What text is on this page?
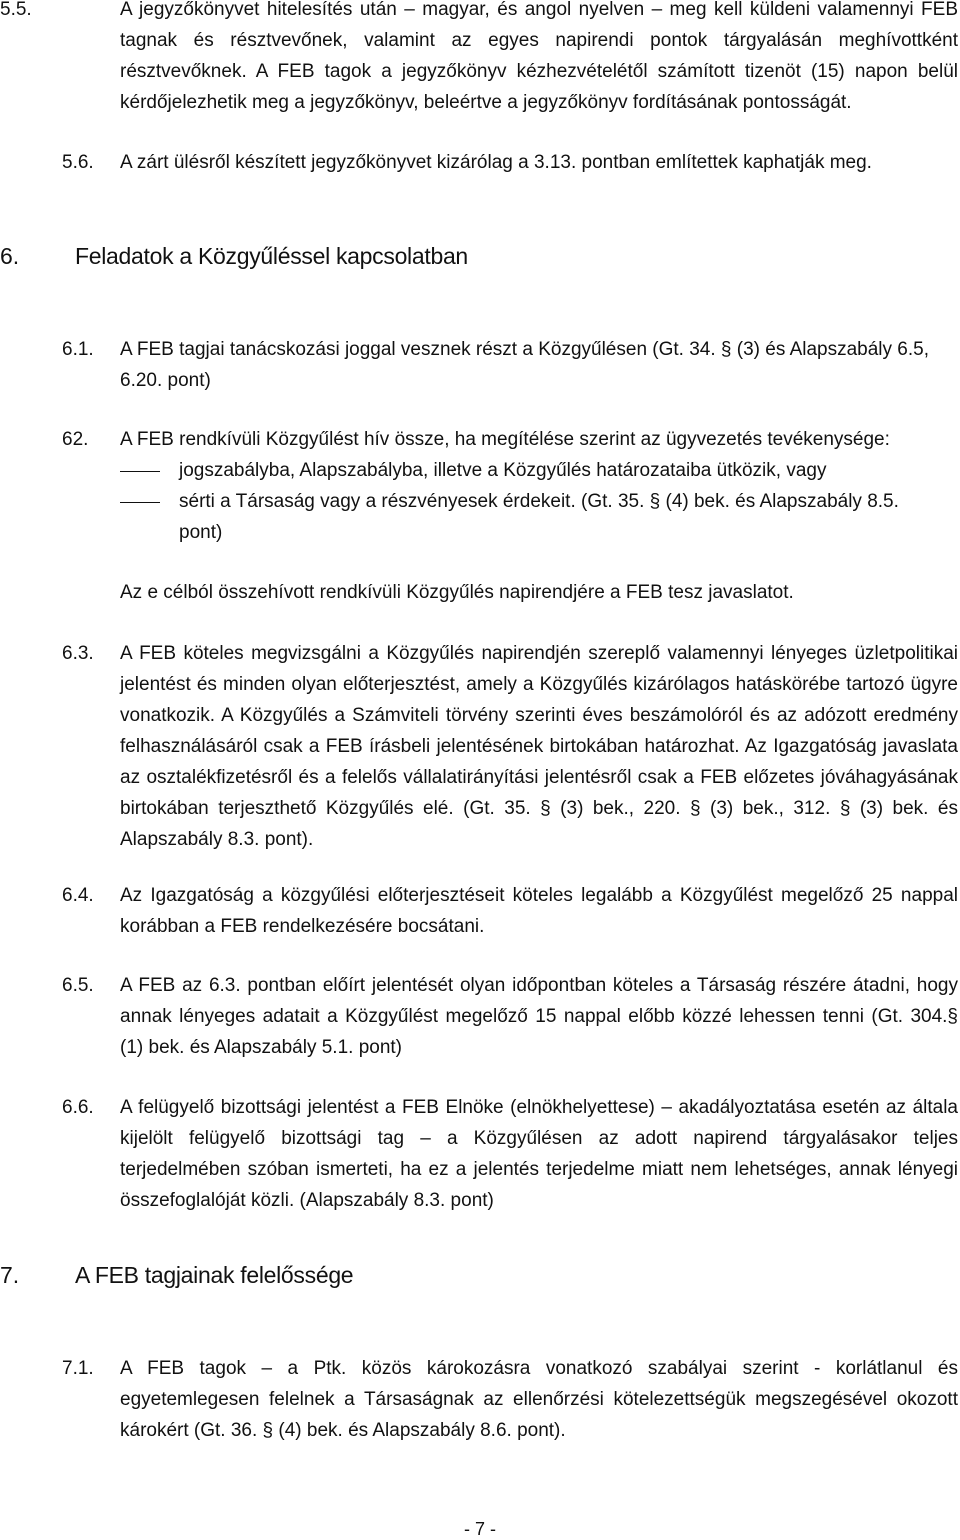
5.5.	A jegyzőkönyvet hitelesítés után – magyar, és angol nyelven – meg kell küldeni valamennyi FEB tagnak és résztvevőnek, valamint az egyes napirendi pontok tárgyalásán meghívottként résztvevőknek. A FEB tagok a jegyzőkönyv kézhezvételétől számított tizenöt (15) napon belül kérdőjelezhetik meg a jegyzőkönyv, beleértve a jegyzőkönyv fordításának pontosságát.
5.6. A zárt ülésről készített jegyzőkönyvet kizárólag a 3.13. pontban említettek kaphatják meg.
6. Feladatok a Közgyűléssel kapcsolatban
6.1. A FEB tagjai tanácskozási joggal vesznek részt a Közgyűlésen (Gt. 34. § (3) és Alapszabály 6.5, 6.20. pont)
62. A FEB rendkívüli Közgyűlést hív össze, ha megítélése szerint az ügyvezetés tevékenysége:
jogszabályba, Alapszabályba, illetve a Közgyűlés határozataiba ütközik, vagy
sérti a Társaság vagy a részvényesek érdekeit. (Gt. 35. § (4) bek. és Alapszabály 8.5. pont)
Az e célból összehívott rendkívüli Közgyűlés napirendjére a FEB tesz javaslatot.
6.3. A FEB köteles megvizsgálni a Közgyűlés napirendjén szereplő valamennyi lényeges üzletpolitikai jelentést és minden olyan előterjesztést, amely a Közgyűlés kizárólagos hatáskörébe tartozó ügyre vonatkozik. A Közgyűlés a Számviteli törvény szerinti éves beszámolóról és az adózott eredmény felhasználásáról csak a FEB írásbeli jelentésének birtokában határozhat. Az Igazgatóság javaslata az osztalékfizetésről és a felelős vállalatirányítási jelentésről csak a FEB előzetes jóváhagyásának birtokában terjeszthető Közgyűlés elé. (Gt. 35. § (3) bek., 220. § (3) bek., 312. § (3) bek. és Alapszabály 8.3. pont).
6.4. Az Igazgatóság a közgyűlési előterjesztéseit köteles legalább a Közgyűlést megelőző 25 nappal korábban a FEB rendelkezésére bocsátani.
6.5. A FEB az 6.3. pontban előírt jelentését olyan időpontban köteles a Társaság részére átadni, hogy annak lényeges adatait a Közgyűlést megelőző 15 nappal előbb közzé lehessen tenni (Gt. 304.§ (1) bek. és Alapszabály 5.1. pont)
6.6. A felügyelő bizottsági jelentést a FEB Elnöke (elnökhelyettese) – akadályoztatása esetén az általa kijelölt felügyelő bizottsági tag – a Közgyűlésen az adott napirend tárgyalásakor teljes terjedelmében szóban ismerteti, ha ez a jelentés terjedelme miatt nem lehetséges, annak lényegi összefoglalóját közli. (Alapszabály 8.3. pont)
7. A FEB tagjainak felelőssége
7.1. A FEB tagok – a Ptk. közös károkozásra vonatkozó szabályai szerint - korlátlanul és egyetemlegesen felelnek a Társaságnak az ellenőrzési kötelezettségük megszegésével okozott károkért (Gt. 36. § (4) bek. és Alapszabály 8.6. pont).
- 7 -
